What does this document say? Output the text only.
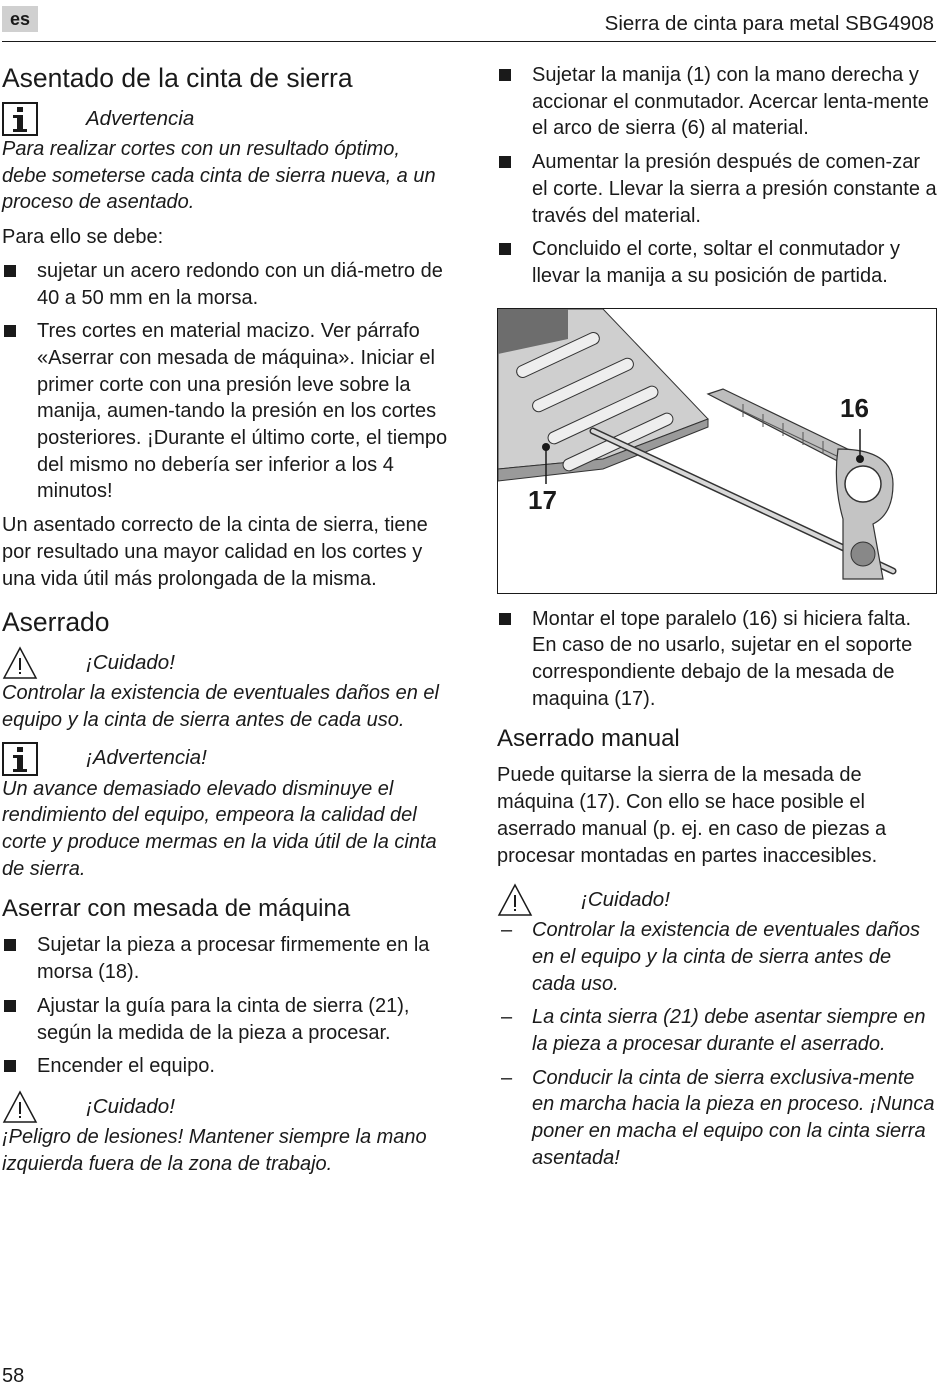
es	Sierra de cinta para metal SBG4908
Asentado de la cinta de sierra
Advertencia

Para realizar cortes con un resultado óptimo, debe someterse cada cinta de sierra nueva, a un proceso de asentado.

Para ello se debe:

sujetar un acero redondo con un diá-metro de 40 a 50 mm en la morsa.
Tres cortes en material macizo. Ver párrafo «Aserrar con mesada de máquina». Iniciar el primer corte con una presión leve sobre la manija, aumen-tando la presión en los cortes posteriores. ¡Durante el último corte, el tiempo del mismo no debería ser inferior a los 4 minutos!

Un asentado correcto de la cinta de sierra, tiene por resultado una mayor calidad en los cortes y una vida útil más prolongada de la misma.

Aserrado
¡Cuidado!

Controlar la existencia de eventuales daños en el equipo y la cinta de sierra antes de cada uso.

¡Advertencia!

Un avance demasiado elevado disminuye el rendimiento del equipo, empeora la calidad del corte y produce mermas en la vida útil de la cinta de sierra.

Aserrar con mesada de máquina
Sujetar la pieza a procesar firmemente en la morsa (18).
Ajustar la guía para la cinta de sierra (21), según la medida de la pieza a procesar.
Encender el equipo.
¡Cuidado!

¡Peligro de lesiones! Mantener siempre la mano izquierda fuera de la zona de trabajo.

Sujetar la manija (1) con la mano derecha y accionar el conmutador. Acercar lenta-mente el arco de sierra (6) al material.
Aumentar la presión después de comen-zar el corte. Llevar la sierra a presión constante a través del material.
Concluido el corte, soltar el conmutador y llevar la manija a su posición de partida.
16
17
Montar el tope paralelo (16) si hiciera falta. En caso de no usarlo, sujetar en el soporte correspondiente debajo de la mesada de maquina (17).
Aserrado manual

Puede quitarse la sierra de la mesada de máquina (17). Con ello se hace posible el aserrado manual (p. ej. en caso de piezas a procesar montadas en partes inaccesibles.

¡Cuidado!
– Controlar la existencia de eventuales daños en el equipo y la cinta de sierra antes de cada uso.
– La cinta sierra (21) debe asentar siempre en la pieza a procesar durante el aserrado.
– Conducir la cinta de sierra exclusiva-mente en marcha hacia la pieza en proceso. ¡Nunca poner en macha el equipo con la cinta sierra asentada!
58
